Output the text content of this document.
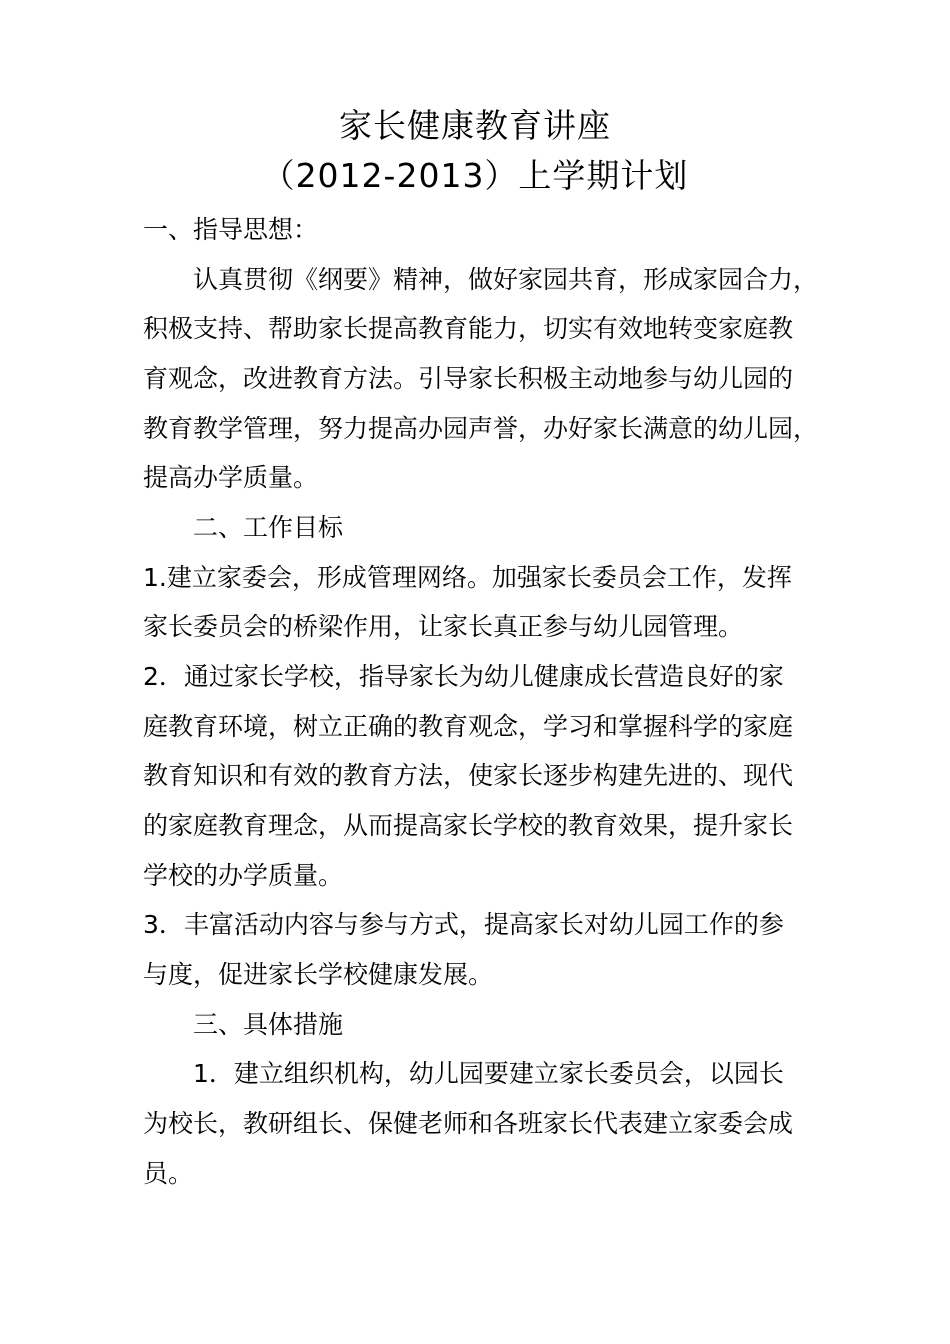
家长健康教育讲座
（2012-2013）上学期计划
一、指导思想：
认真贯彻《纲要》精神，做好家园共育，形成家园合力，
积极支持、帮助家长提高教育能力，切实有效地转变家庭教
育观念，改进教育方法。引导家长积极主动地参与幼儿园的
教育教学管理，努力提高办园声誉，办好家长满意的幼儿园，
提高办学质量。
二、工作目标
1.建立家委会，形成管理网络。加强家长委员会工作，发挥
家长委员会的桥梁作用，让家长真正参与幼儿园管理。
2．通过家长学校，指导家长为幼儿健康成长营造良好的家
庭教育环境，树立正确的教育观念，学习和掌握科学的家庭
教育知识和有效的教育方法，使家长逐步构建先进的、现代
的家庭教育理念，从而提高家长学校的教育效果，提升家长
学校的办学质量。
3．丰富活动内容与参与方式，提高家长对幼儿园工作的参
与度，促进家长学校健康发展。
三、具体措施
1．建立组织机构，幼儿园要建立家长委员会，以园长
为校长，教研组长、保健老师和各班家长代表建立家委会成
员。
